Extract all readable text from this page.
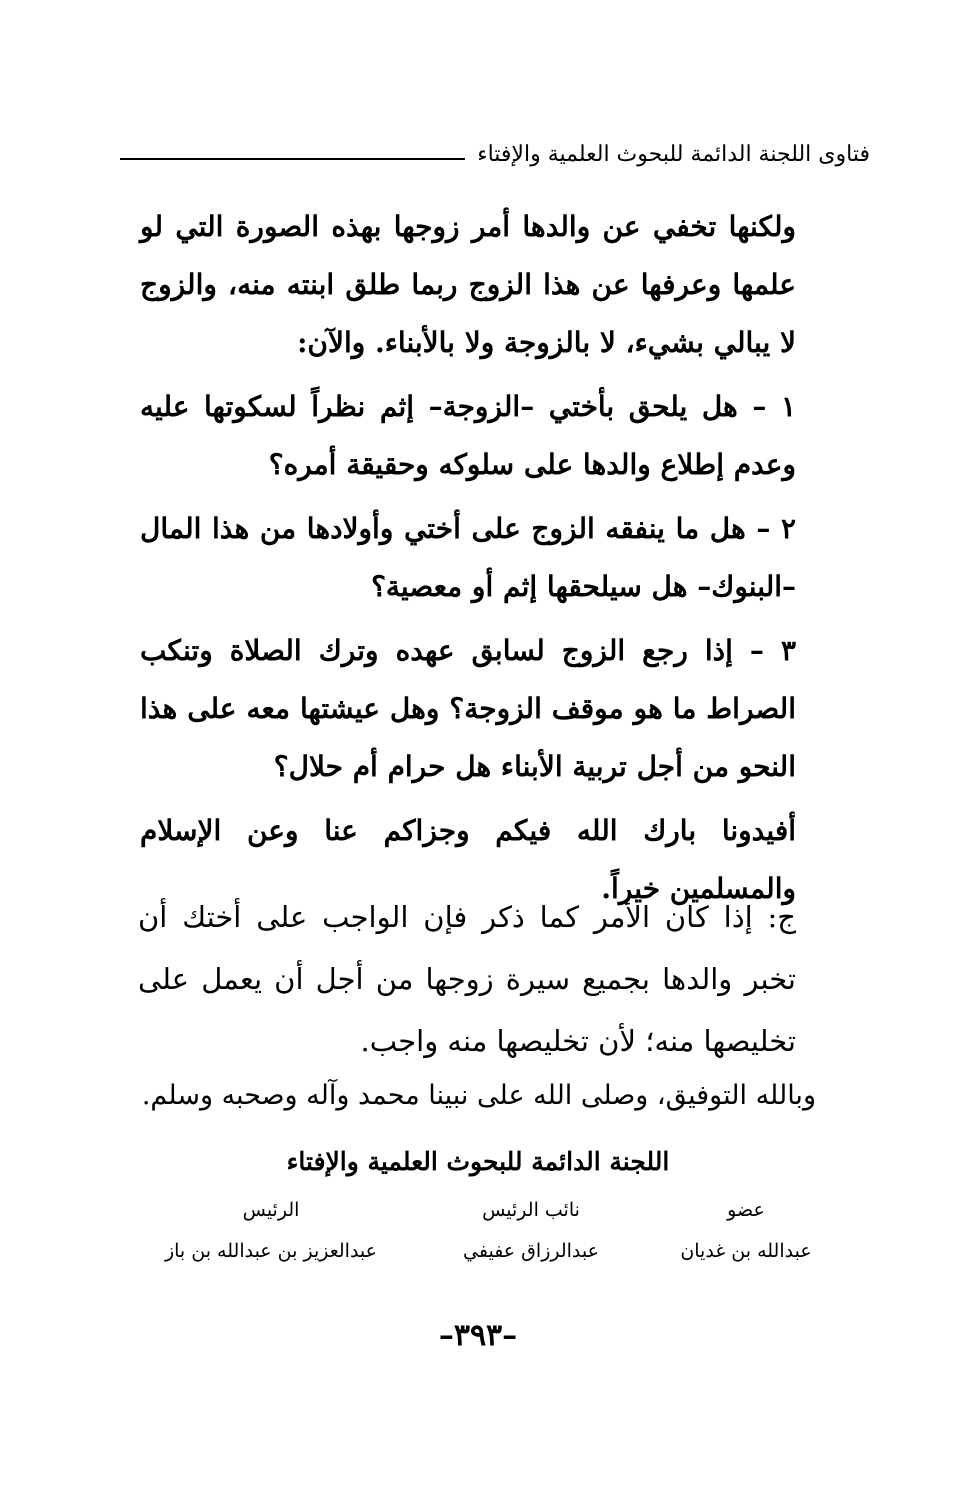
فتاوى اللجنة الدائمة للبحوث العلمية والإفتاء

ولكنها تخفي عن والدها أمر زوجها بهذه الصورة التي لو علمها وعرفها عن هذا الزوج ربما طلق ابنته منه، والزوج لا يبالي بشيء، لا بالزوجة ولا بالأبناء. والآن:

١ – هل يلحق بأختي –الزوجة– إثم نظراً لسكوتها عليه وعدم إطلاع والدها على سلوكه وحقيقة أمره؟

٢ – هل ما ينفقه الزوج على أختي وأولادها من هذا المال –البنوك– هل سيلحقها إثم أو معصية؟

٣ – إذا رجع الزوج لسابق عهده وترك الصلاة وتنكب الصراط ما هو موقف الزوجة؟ وهل عيشتها معه على هذا النحو من أجل تربية الأبناء هل حرام أم حلال؟

أفيدونا بارك الله فيكم وجزاكم عنا وعن الإسلام والمسلمين خيراً.

ج: إذا كان الأمر كما ذكر فإن الواجب على أختك أن تخبر والدها بجميع سيرة زوجها من أجل أن يعمل على تخليصها منه؛ لأن تخليصها منه واجب.

وبالله التوفيق، وصلى الله على نبينا محمد وآله وصحبه وسلم.
اللجنة الدائمة للبحوث العلمية والإفتاء
عضو
عبدالله بن غديان
نائب الرئيس
عبدالرزاق عفيفي
الرئيس
عبدالعزيز بن عبدالله بن باز
–٣٩٣–
